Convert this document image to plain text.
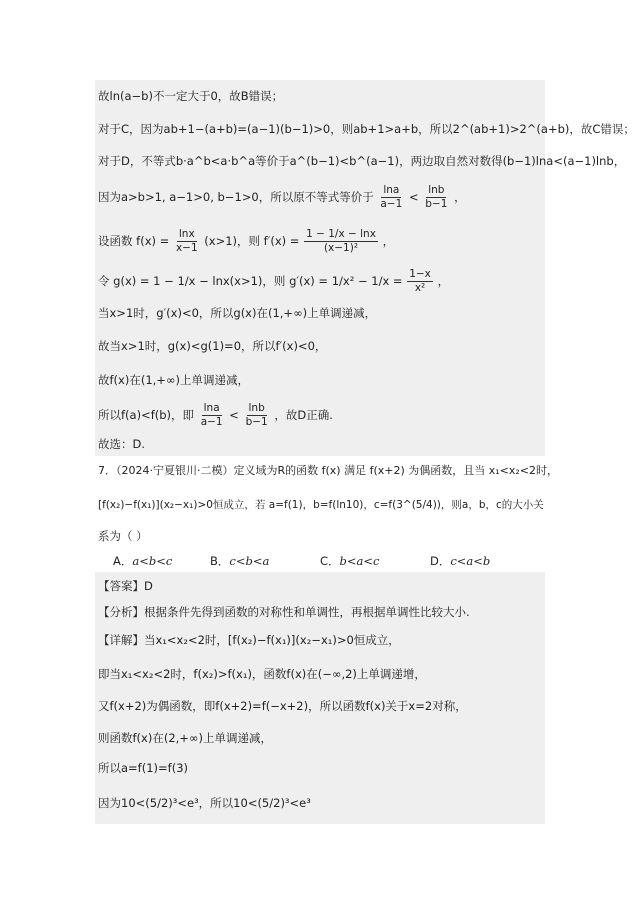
故ln(a−b)不一定大于0，故B错误；
对于C，因为ab+1−(a+b)=(a−1)(b−1)>0，则ab+1>a+b，所以2^(ab+1)>2^(a+b)，故C错误；
对于D，不等式b·a^b<a·b^a等价于a^(b−1)<b^(a−1)，两边取自然对数得(b−1)lna<(a−1)lnb，
因为a>b>1, a−1>0, b−1>0，所以原不等式等价于 $\frac{\ln a}{a-1} < \frac{\ln b}{b-1}$ ，
设函数 $f(x) = \frac{\ln x}{x-1} (x>1)$，则 $f'(x) = \frac{1 - 1/x - \ln x}{\text{(x−1)²}}$ ，
令 g(x) = 1 − 1/x − lnx(x>1)，则 $g'(x) = 1/x^2 - 1/x = \frac{1-x}{\text{x²}}$ ，
当x>1时，g′(x)<0，所以g(x)在(1,+∞)上单调递减，
故当x>1时，g(x)<g(1)=0，所以f′(x)<0，
故f(x)在(1,+∞)上单调递减，
所以f(a)<f(b)，即 $\frac{\ln a}{a-1} < \frac{\ln b}{b-1}$ ，故D正确.
故选：D.
7．（2024·宁夏银川·二模）定义域为R的函数 f(x) 满足 f(x+2) 为偶函数，且当 x₁<x₂<2时，
[f(x₂)−f(x₁)](x₂−x₁)>0恒成立，若 a=f(1)，b=f(ln10)，c=f(3^(5/4))，则a，b，c的大小关
系为（ ）
A．a<b<c	B．c<b<a	C．b<a<c	D．c<a<b
【答案】D
【分析】根据条件先得到函数的对称性和单调性，再根据单调性比较大小.
【详解】当x₁<x₂<2时，[f(x₂)−f(x₁)](x₂−x₁)>0恒成立，
即当x₁<x₂<2时，f(x₂)>f(x₁)，函数f(x)在(−∞,2)上单调递增，
又f(x+2)为偶函数，即f(x+2)=f(−x+2)，所以函数f(x)关于x=2对称，
则函数f(x)在(2,+∞)上单调递减，
所以a=f(1)=f(3)
因为10<(5/2)³<e³，所以10<(5/2)³<e³
